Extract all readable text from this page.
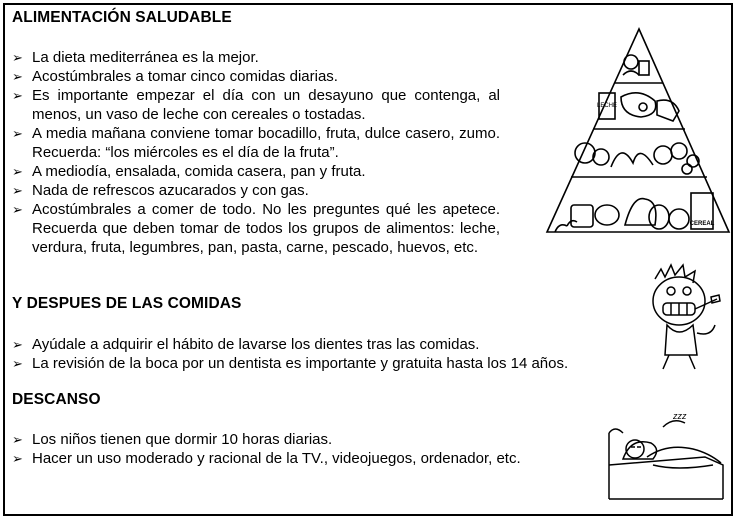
ALIMENTACIÓN SALUDABLE
➢ La dieta mediterránea es la mejor.
➢ Acostúmbrales a tomar cinco comidas diarias.
➢ Es importante empezar el día con un desayuno que contenga, al menos, un vaso de leche con cereales o tostadas.
➢ A media mañana conviene tomar bocadillo, fruta, dulce casero, zumo. Recuerda: “los miércoles es el día de la fruta”.
➢ A mediodía, ensalada, comida casera, pan y fruta.
➢ Nada de refrescos azucarados y con gas.
➢ Acostúmbrales a comer de todo. No les preguntes qué les apetece. Recuerda que deben tomar de todos los grupos de alimentos: leche, verdura, fruta, legumbres, pan, pasta, carne, pescado, huevos, etc.
LECHE
CEREAL
Y DESPUES DE LAS COMIDAS
➢ Ayúdale a adquirir el hábito de lavarse los dientes tras las comidas.
➢ La revisión de la boca por un dentista es importante y gratuita hasta los 14 años.
DESCANSO
➢ Los niños tienen que dormir 10 horas diarias.
➢ Hacer un uso moderado y racional de la TV., videojuegos, ordenador, etc.
zzz
